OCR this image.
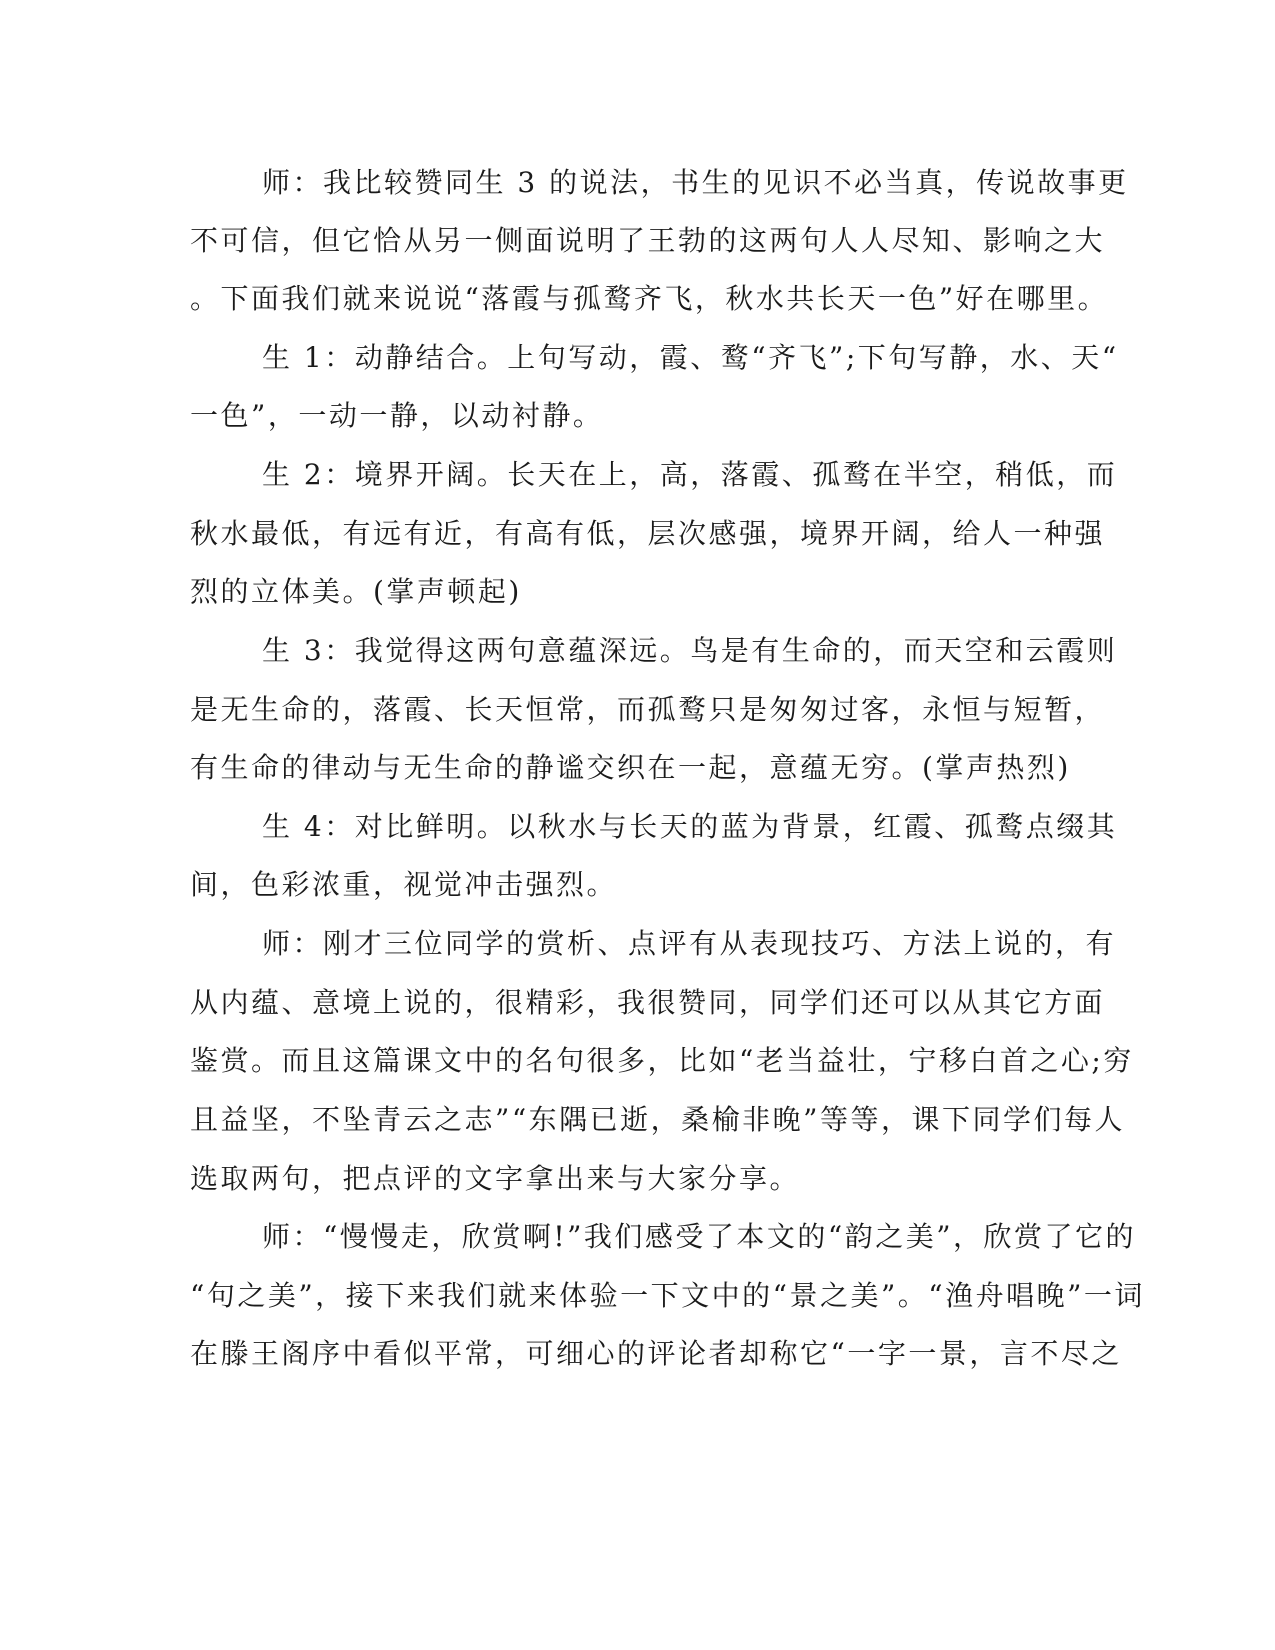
师：我比较赞同生 3 的说法，书生的见识不必当真，传说故事更
不可信，但它恰从另一侧面说明了王勃的这两句人人尽知、影响之大
。下面我们就来说说“落霞与孤鹜齐飞，秋水共长天一色”好在哪里。
生 1：动静结合。上句写动，霞、鹜“齐飞”;下句写静，水、天“
一色”，一动一静，以动衬静。
生 2：境界开阔。长天在上，高，落霞、孤鹜在半空，稍低，而
秋水最低，有远有近，有高有低，层次感强，境界开阔，给人一种强
烈的立体美。(掌声顿起)
生 3：我觉得这两句意蕴深远。鸟是有生命的，而天空和云霞则
是无生命的，落霞、长天恒常，而孤鹜只是匆匆过客，永恒与短暂，
有生命的律动与无生命的静谧交织在一起，意蕴无穷。(掌声热烈)
生 4：对比鲜明。以秋水与长天的蓝为背景，红霞、孤鹜点缀其
间，色彩浓重，视觉冲击强烈。
师：刚才三位同学的赏析、点评有从表现技巧、方法上说的，有
从内蕴、意境上说的，很精彩，我很赞同，同学们还可以从其它方面
鉴赏。而且这篇课文中的名句很多，比如“老当益壮，宁移白首之心;穷
且益坚，不坠青云之志”“东隅已逝，桑榆非晚”等等，课下同学们每人
选取两句，把点评的文字拿出来与大家分享。
师：“慢慢走，欣赏啊!”我们感受了本文的“韵之美”，欣赏了它的
“句之美”，接下来我们就来体验一下文中的“景之美”。“渔舟唱晚”一词
在滕王阁序中看似平常，可细心的评论者却称它“一字一景，言不尽之
